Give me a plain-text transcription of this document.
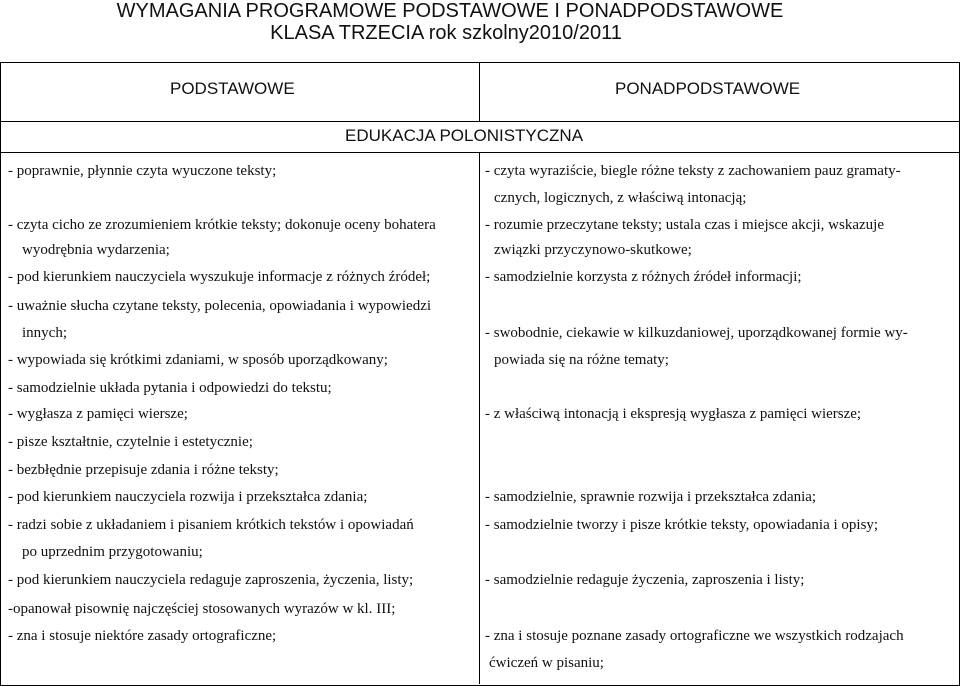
WYMAGANIA PROGRAMOWE PODSTAWOWE I PONADPODSTAWOWE
KLASA TRZECIA rok szkolny2010/2011
PODSTAWOWE	PONADPODSTAWOWE
EDUKACJA POLONISTYCZNA
- poprawnie, płynnie czyta wyuczone teksty;
- czyta cicho ze zrozumieniem krótkie teksty; dokonuje oceny bohatera
wyodrębnia wydarzenia;
- pod kierunkiem nauczyciela wyszukuje informacje z różnych źródeł;
- uważnie słucha czytane teksty, polecenia, opowiadania i wypowiedzi
innych;
- wypowiada się krótkimi zdaniami, w sposób uporządkowany;
- samodzielnie układa pytania i odpowiedzi do tekstu;
- wygłasza z pamięci wiersze;
- pisze kształtnie, czytelnie i estetycznie;
- bezbłędnie przepisuje zdania i różne teksty;
- pod kierunkiem nauczyciela rozwija i przekształca zdania;
- radzi sobie z układaniem i pisaniem krótkich tekstów i opowiadań
po uprzednim przygotowaniu;
- pod kierunkiem nauczyciela redaguje zaproszenia, życzenia, listy;
-opanował pisownię najczęściej stosowanych wyrazów w kl. III;
- zna i stosuje niektóre zasady ortograficzne;
- czyta wyraziście, biegle różne teksty z zachowaniem pauz gramaty-
cznych, logicznych, z właściwą intonacją;
- rozumie przeczytane teksty; ustala czas i miejsce akcji, wskazuje
związki przyczynowo-skutkowe;
- samodzielnie korzysta z różnych źródeł informacji;
- swobodnie, ciekawie w kilkuzdaniowej, uporządkowanej formie wy-
powiada się na różne tematy;
- z właściwą intonacją i ekspresją wygłasza z pamięci wiersze;
- samodzielnie, sprawnie rozwija i przekształca zdania;
- samodzielnie tworzy i pisze krótkie teksty, opowiadania i opisy;
- samodzielnie redaguje życzenia, zaproszenia i listy;
- zna i stosuje poznane zasady ortograficzne we wszystkich rodzajach
ćwiczeń w pisaniu;
